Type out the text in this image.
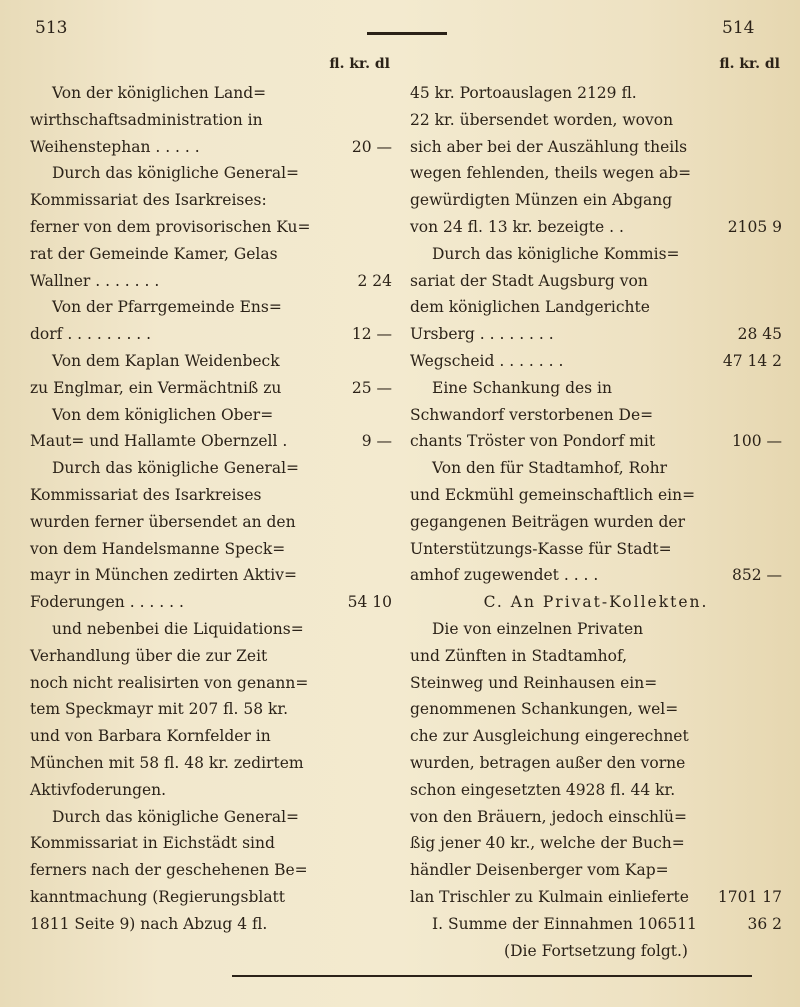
513	514
fl. kr. dl
Von der königlichen Land=
wirthschaftsadministration in
Weihenstephan . . . . .	20 —
Durch das königliche General=
Kommissariat des Isarkreises:
ferner von dem provisorischen Ku=
rat der Gemeinde Kamer, Gelas
Wallner . . . . . . .	2 24
Von der Pfarrgemeinde Ens=
dorf . . . . . . . . .	12 —
Von dem Kaplan Weidenbeck
zu Englmar, ein Vermächtniß zu	25 —
Von dem königlichen Ober=
Maut= und Hallamte Obernzell .	9 —
Durch das königliche General=
Kommissariat des Isarkreises
wurden ferner übersendet an den
von dem Handelsmanne Speck=
mayr in München zedirten Aktiv=
Foderungen . . . . . .	54 10
und nebenbei die Liquidations=
Verhandlung über die zur Zeit
noch nicht realisirten von genann=
tem Speckmayr mit 207 fl. 58 kr.
und von Barbara Kornfelder in
München mit 58 fl. 48 kr. zedirtem
Aktivfoderungen.
Durch das königliche General=
Kommissariat in Eichstädt sind
ferners nach der geschehenen Be=
kanntmachung (Regierungsblatt
1811 Seite 9) nach Abzug 4 fl.
fl. kr. dl
45 kr. Portoauslagen 2129 fl.
22 kr. übersendet worden, wovon
sich aber bei der Auszählung theils
wegen fehlenden, theils wegen ab=
gewürdigten Münzen ein Abgang
von 24 fl. 13 kr. bezeigte . .	2105 9
Durch das königliche Kommis=
sariat der Stadt Augsburg von
dem königlichen Landgerichte
Ursberg . . . . . . . .	28 45
Wegscheid . . . . . . .	47 14 2
Eine Schankung des in
Schwandorf verstorbenen De=
chants Tröster von Pondorf mit	100 —
Von den für Stadtamhof, Rohr
und Eckmühl gemeinschaftlich ein=
gegangenen Beiträgen wurden der
Unterstützungs-Kasse für Stadt=
amhof zugewendet . . . .	852 —
C. An Privat-Kollekten.
Die von einzelnen Privaten
und Zünften in Stadtamhof,
Steinweg und Reinhausen ein=
genommenen Schankungen, wel=
che zur Ausgleichung eingerechnet
wurden, betragen außer den vorne
schon eingesetzten 4928 fl. 44 kr.
von den Bräuern, jedoch einschlü=
ßig jener 40 kr., welche der Buch=
händler Deisenberger vom Kap=
lan Trischler zu Kulmain einlieferte 1701 17
I. Summe der Einnahmen 106511	36 2
(Die Fortsetzung folgt.)
